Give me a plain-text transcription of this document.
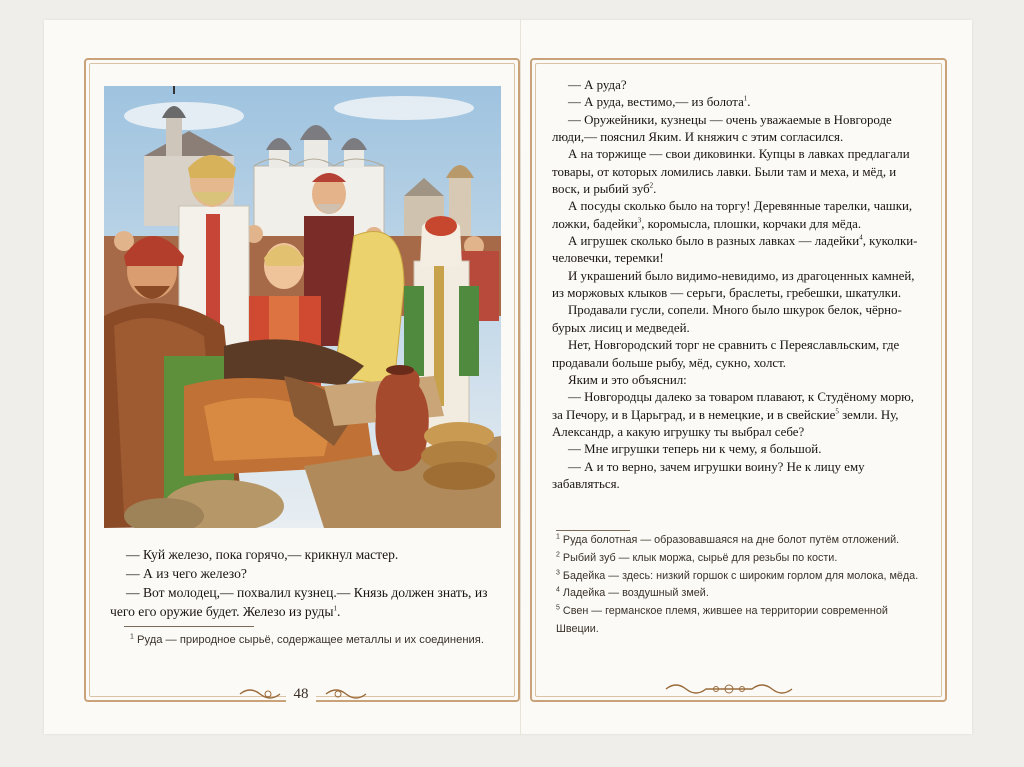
— Куй железо, пока горячо,— крикнул мастер.

— А из чего железо?

— Вот молодец,— похвалил кузнец.— Князь должен знать, из чего его оружие будет. Железо из руды$^1$.

$^1$ Руда — природное сырьё, содержащее металлы и их соединения.

48

— А руда?

— А руда, вестимо,— из болота$^1$.

— Оружейники, кузнецы — очень уважаемые в Новгороде люди,— пояснил Яким. И княжич с этим согласился.

А на торжище — свои диковинки. Купцы в лавках предлагали товары, от которых ломились лавки. Были там и меха, и мёд, и воск, и рыбий зуб$^2$.

А посуды сколько было на торгу! Деревянные тарелки, чашки, ложки, бадейки$^3$, коромысла, плошки, корчаки для мёда.

А игрушек сколько было в разных лавках — ладейки$^4$, куколки-человечки, теремки!

И украшений было видимо-невидимо, из драгоценных камней, из моржовых клыков — серьги, браслеты, гребешки, шкатулки.

Продавали гусли, сопели. Много было шкурок белок, чёрно-бурых лисиц и медведей.

Нет, Новгородский торг не сравнить с Переяславльским, где продавали больше рыбу, мёд, сукно, холст.

Яким и это объяснил:

— Новгородцы далеко за товаром плавают, к Студёному морю, за Печору, и в Царьград, и в немецкие, и в свейские$^5$ земли. Ну, Александр, а какую игрушку ты выбрал себе?

— Мне игрушки теперь ни к чему, я большой.

— А и то верно, зачем игрушки воину? Не к лицу ему забавляться.

$^1$ Руда болотная — образовавшаяся на дне болот путём отложений.

$^2$ Рыбий зуб — клык моржа, сырьё для резьбы по кости.

$^3$ Бадейка — здесь: низкий горшок с широким горлом для молока, мёда.

$^4$ Ладейка — воздушный змей.

$^5$ Свен — германское племя, жившее на территории современной Швеции.
